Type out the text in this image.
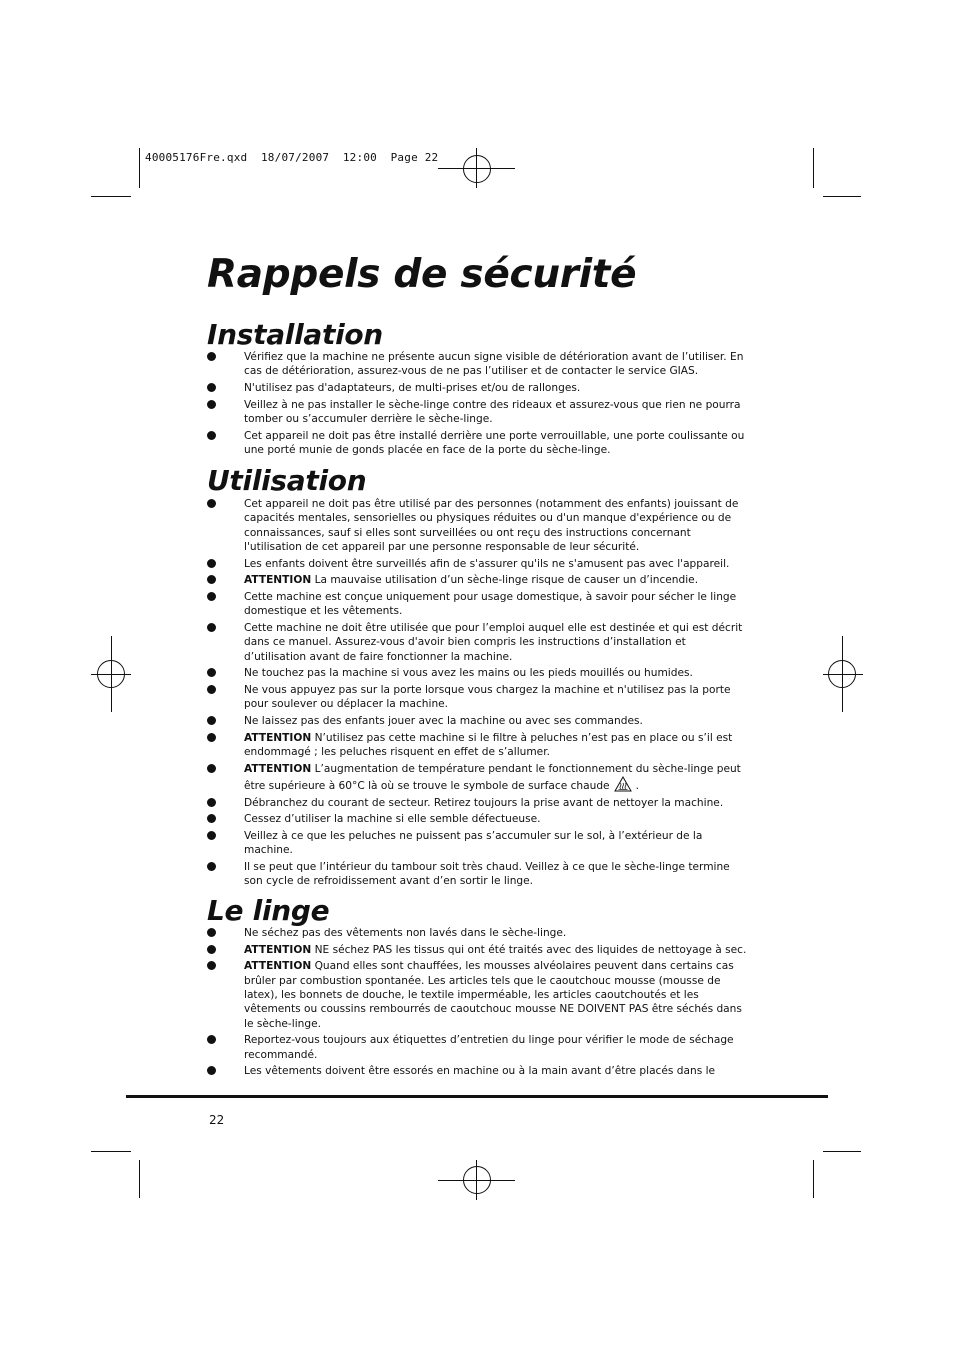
40005176Fre.qxd  18/07/2007  12:00  Page 22
Rappels de sécurité
Installation
Vérifiez que la machine ne présente aucun signe visible de détérioration avant de l’utiliser. En cas de détérioration, assurez-vous de ne pas l’utiliser et de contacter le service GIAS.
N'utilisez pas d'adaptateurs, de multi-prises et/ou de rallonges.
Veillez à ne pas installer le sèche-linge contre des rideaux et assurez-vous que rien ne pourra tomber ou s’accumuler derrière le sèche-linge.
Cet appareil ne doit pas être installé derrière une porte verrouillable, une porte coulissante ou une porté munie de gonds placée en face de la porte du sèche-linge.
Utilisation
Cet appareil ne doit pas être utilisé par des personnes (notamment des enfants) jouissant de capacités mentales, sensorielles ou physiques réduites ou d'un manque d'expérience ou de connaissances, sauf si elles sont surveillées ou ont reçu des instructions concernant l'utilisation de cet appareil par une personne responsable de leur sécurité.
Les enfants doivent être surveillés afin de s'assurer qu'ils ne s'amusent pas avec l'appareil.
ATTENTION La mauvaise utilisation d’un sèche-linge risque de causer un d’incendie.
Cette machine est conçue uniquement pour usage domestique, à savoir pour sécher le linge domestique et les vêtements.
Cette machine ne doit être utilisée que pour l’emploi auquel elle est destinée et qui est décrit dans ce manuel. Assurez-vous d'avoir bien compris les instructions d’installation et d’utilisation avant de faire fonctionner la machine.
Ne touchez pas la machine si vous avez les mains ou les pieds mouillés ou humides.
Ne vous appuyez pas sur la porte lorsque vous chargez la machine et n'utilisez pas la porte pour soulever ou déplacer la machine.
Ne laissez pas des enfants jouer avec la machine ou avec ses commandes.
ATTENTION N’utilisez pas cette machine si le filtre à peluches n’est pas en place ou s’il est endommagé ; les peluches risquent en effet de s’allumer.
ATTENTION L’augmentation de température pendant le fonctionnement du sèche-linge peut être supérieure à 60°C là où se trouve le symbole de surface chaude .
Débranchez du courant de secteur. Retirez toujours la prise avant de nettoyer la machine.
Cessez d’utiliser la machine si elle semble défectueuse.
Veillez à ce que les peluches ne puissent pas s’accumuler sur le sol, à l’extérieur de la machine.
Il se peut que l’intérieur du tambour soit très chaud. Veillez à ce que le sèche-linge termine son cycle de refroidissement avant d’en sortir le linge.
Le linge
Ne séchez pas des vêtements non lavés dans le sèche-linge.
ATTENTION NE séchez PAS les tissus qui ont été traités avec des liquides de nettoyage à sec.
ATTENTION Quand elles sont chauffées, les mousses alvéolaires peuvent dans certains cas brûler par combustion spontanée. Les articles tels que le caoutchouc mousse (mousse de latex), les bonnets de douche, le textile imperméable, les articles caoutchoutés et les vêtements ou coussins rembourrés de caoutchouc mousse NE DOIVENT PAS être séchés dans le sèche-linge.
Reportez-vous toujours aux étiquettes d’entretien du linge pour vérifier le mode de séchage recommandé.
Les vêtements doivent être essorés en machine ou à la main avant d’être placés dans le
22
